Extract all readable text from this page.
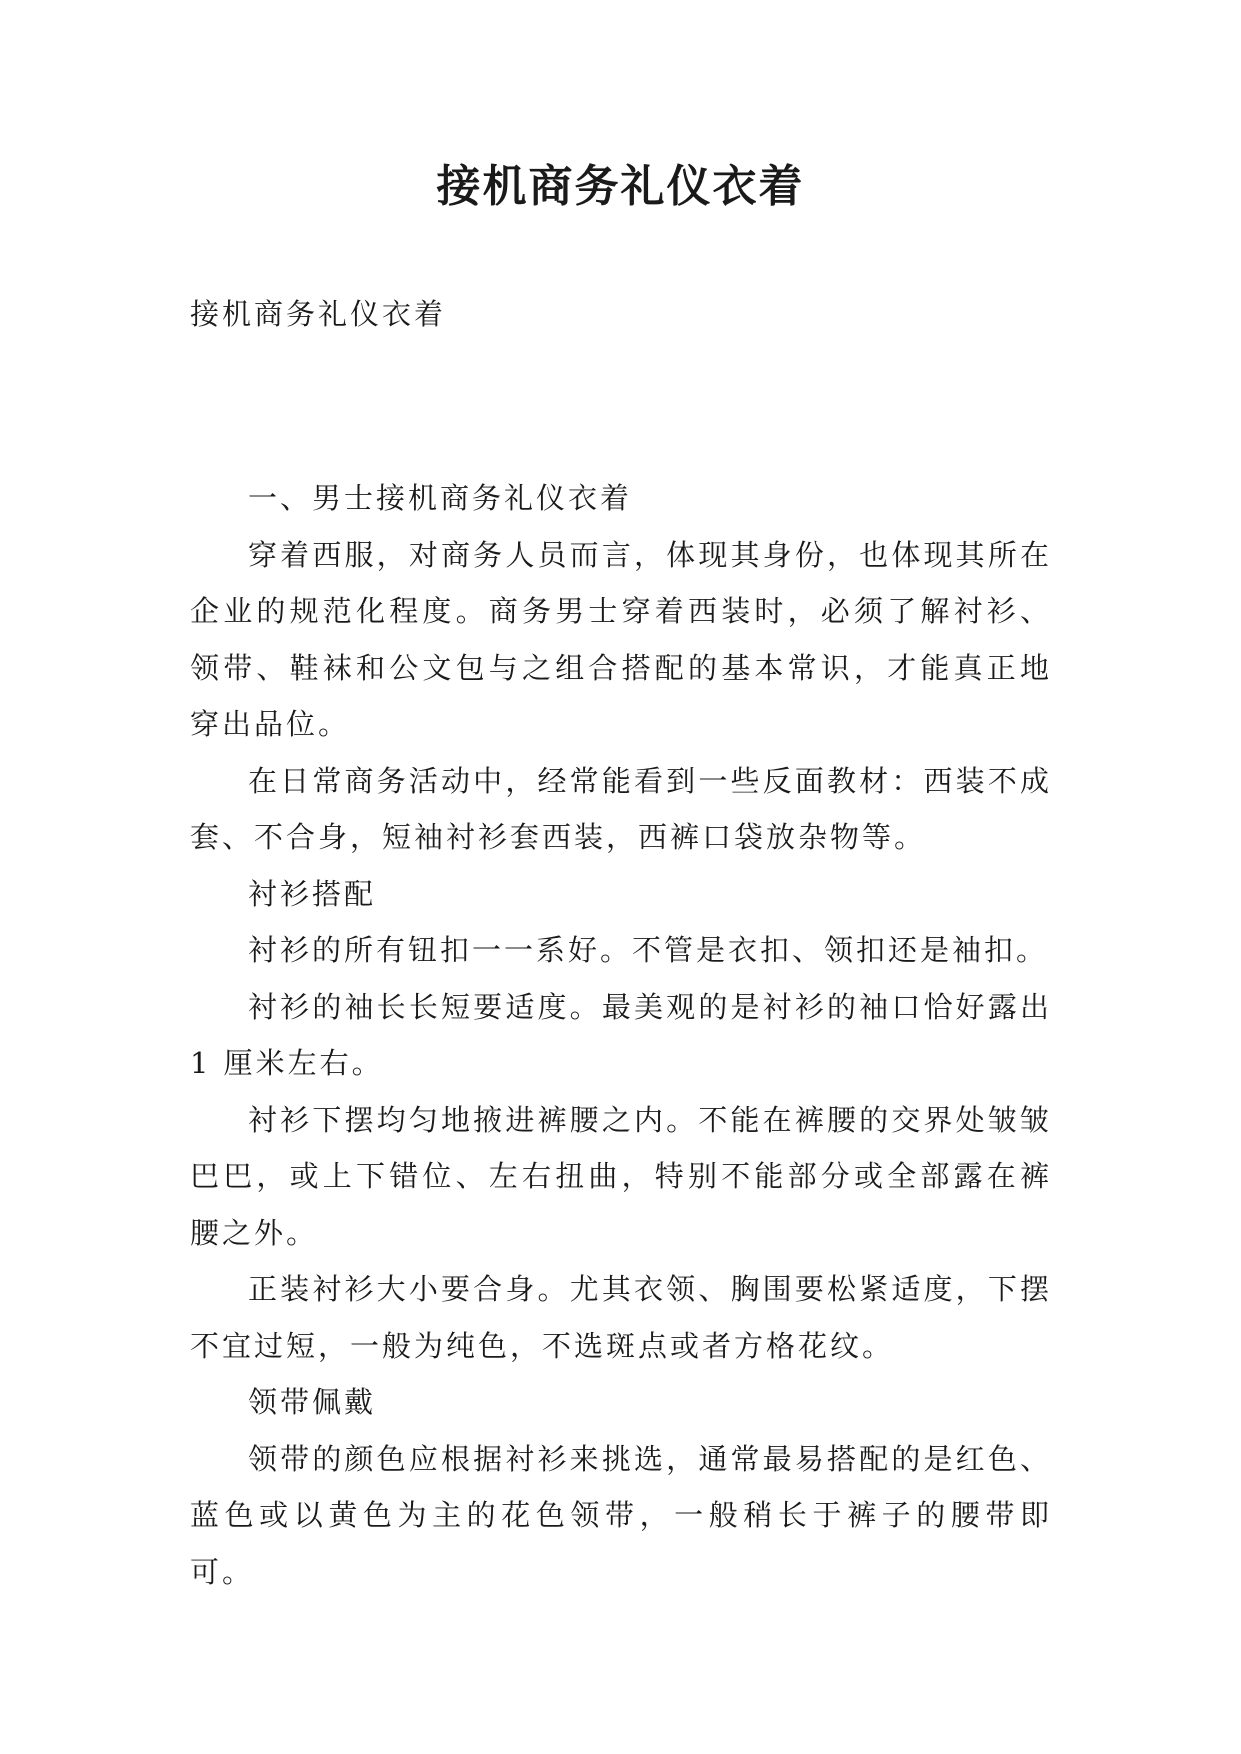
接机商务礼仪衣着
接机商务礼仪衣着

一、男士接机商务礼仪衣着

穿着西服，对商务人员而言，体现其身份，也体现其所在企业的规范化程度。商务男士穿着西装时，必须了解衬衫、领带、鞋袜和公文包与之组合搭配的基本常识，才能真正地穿出品位。

在日常商务活动中，经常能看到一些反面教材：西装不成套、不合身，短袖衬衫套西装，西裤口袋放杂物等。

衬衫搭配

衬衫的所有钮扣一一系好。不管是衣扣、领扣还是袖扣。

衬衫的袖长长短要适度。最美观的是衬衫的袖口恰好露出 1 厘米左右。

衬衫下摆均匀地掖进裤腰之内。不能在裤腰的交界处皱皱巴巴，或上下错位、左右扭曲，特别不能部分或全部露在裤腰之外。

正装衬衫大小要合身。尤其衣领、胸围要松紧适度，下摆不宜过短，一般为纯色，不选斑点或者方格花纹。

领带佩戴

领带的颜色应根据衬衫来挑选，通常最易搭配的是红色、蓝色或以黄色为主的花色领带，一般稍长于裤子的腰带即可。
